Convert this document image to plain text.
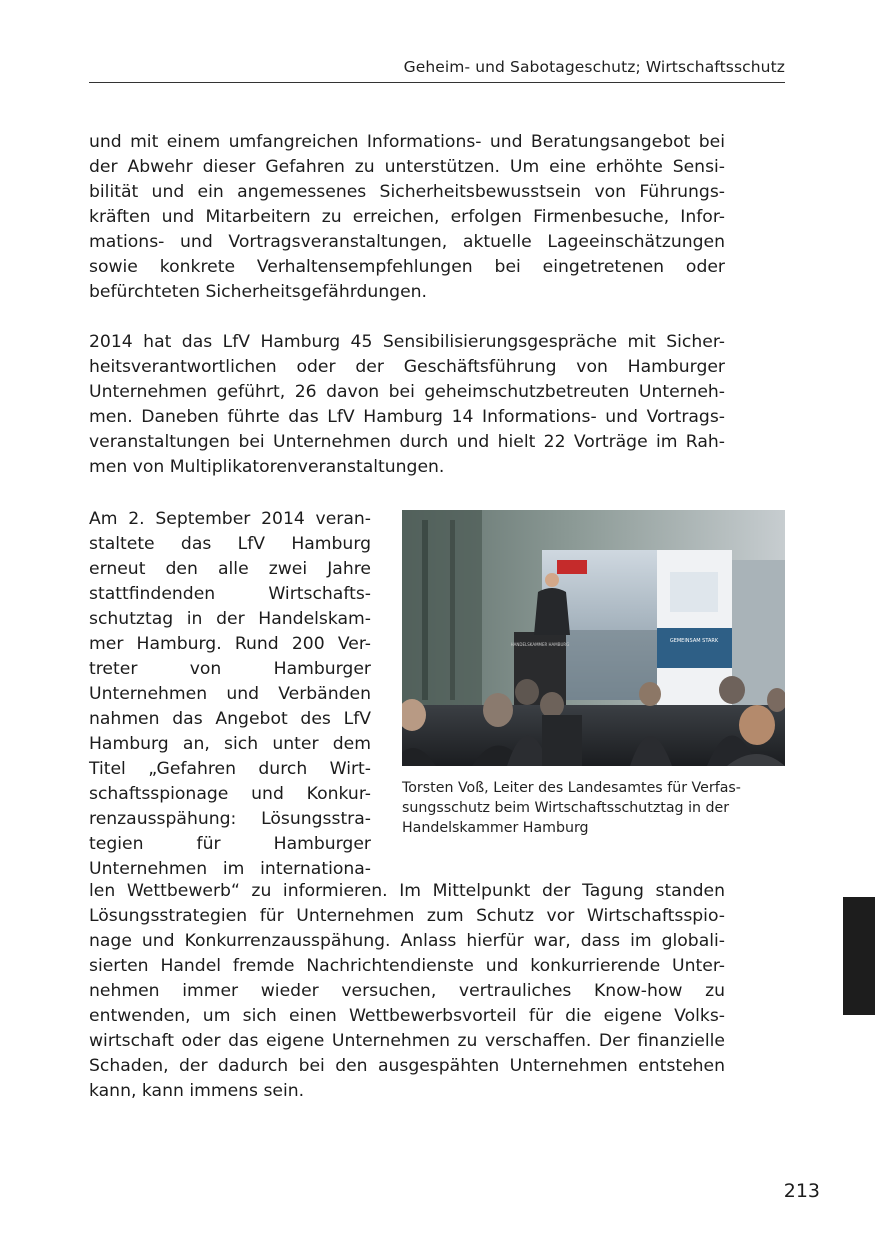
Geheim- und Sabotageschutz; Wirtschaftsschutz
und mit einem umfangreichen Informations- und Beratungsangebot bei
der Abwehr dieser Gefahren zu unterstützen. Um eine erhöhte Sensi-
bilität und ein angemessenes Sicherheitsbewusstsein von Führungs-
kräften und Mitarbeitern zu erreichen, erfolgen Firmenbesuche, Infor-
mations- und Vortragsveranstaltungen, aktuelle Lageeinschätzungen
sowie konkrete Verhaltensempfehlungen bei eingetretenen oder
befürchteten Sicherheitsgefährdungen.
2014 hat das LfV Hamburg 45 Sensibilisierungsgespräche mit Sicher-
heitsverantwortlichen oder der Geschäftsführung von Hamburger
Unternehmen geführt, 26 davon bei geheimschutzbetreuten Unterneh-
men. Daneben führte das LfV Hamburg 14 Informations- und Vortrags-
veranstaltungen bei Unternehmen durch und hielt 22 Vorträge im Rah-
men von Multiplikatorenveranstaltungen.
Am 2. September 2014 veran-
staltete das LfV Hamburg
erneut den alle zwei Jahre
stattfindenden Wirtschafts-
schutztag in der Handelskam-
mer Hamburg. Rund 200 Ver-
treter von Hamburger
Unternehmen und Verbänden
nahmen das Angebot des LfV
Hamburg an, sich unter dem
Titel „Gefahren durch Wirt-
schaftsspionage und Konkur-
renzausspähung: Lösungsstra-
tegien für Hamburger
Unternehmen im internationa-
len Wettbewerb“ zu informieren. Im Mittelpunkt der Tagung standen
Lösungsstrategien für Unternehmen zum Schutz vor Wirtschaftsspio-
nage und Konkurrenzausspähung. Anlass hierfür war, dass im globali-
sierten Handel fremde Nachrichtendienste und konkurrierende Unter-
nehmen immer wieder versuchen, vertrauliches Know-how zu
entwenden, um sich einen Wettbewerbsvorteil für die eigene Volks-
wirtschaft oder das eigene Unternehmen zu verschaffen. Der finanzielle
Schaden, der dadurch bei den ausgespähten Unternehmen entstehen
kann, kann immens sein.
GEMEINSAM STARK
HANDELSKAMMER HAMBURG
Torsten Voß, Leiter des Landesamtes für Verfas-
sungsschutz beim Wirtschaftsschutztag in der
Handelskammer Hamburg
213
